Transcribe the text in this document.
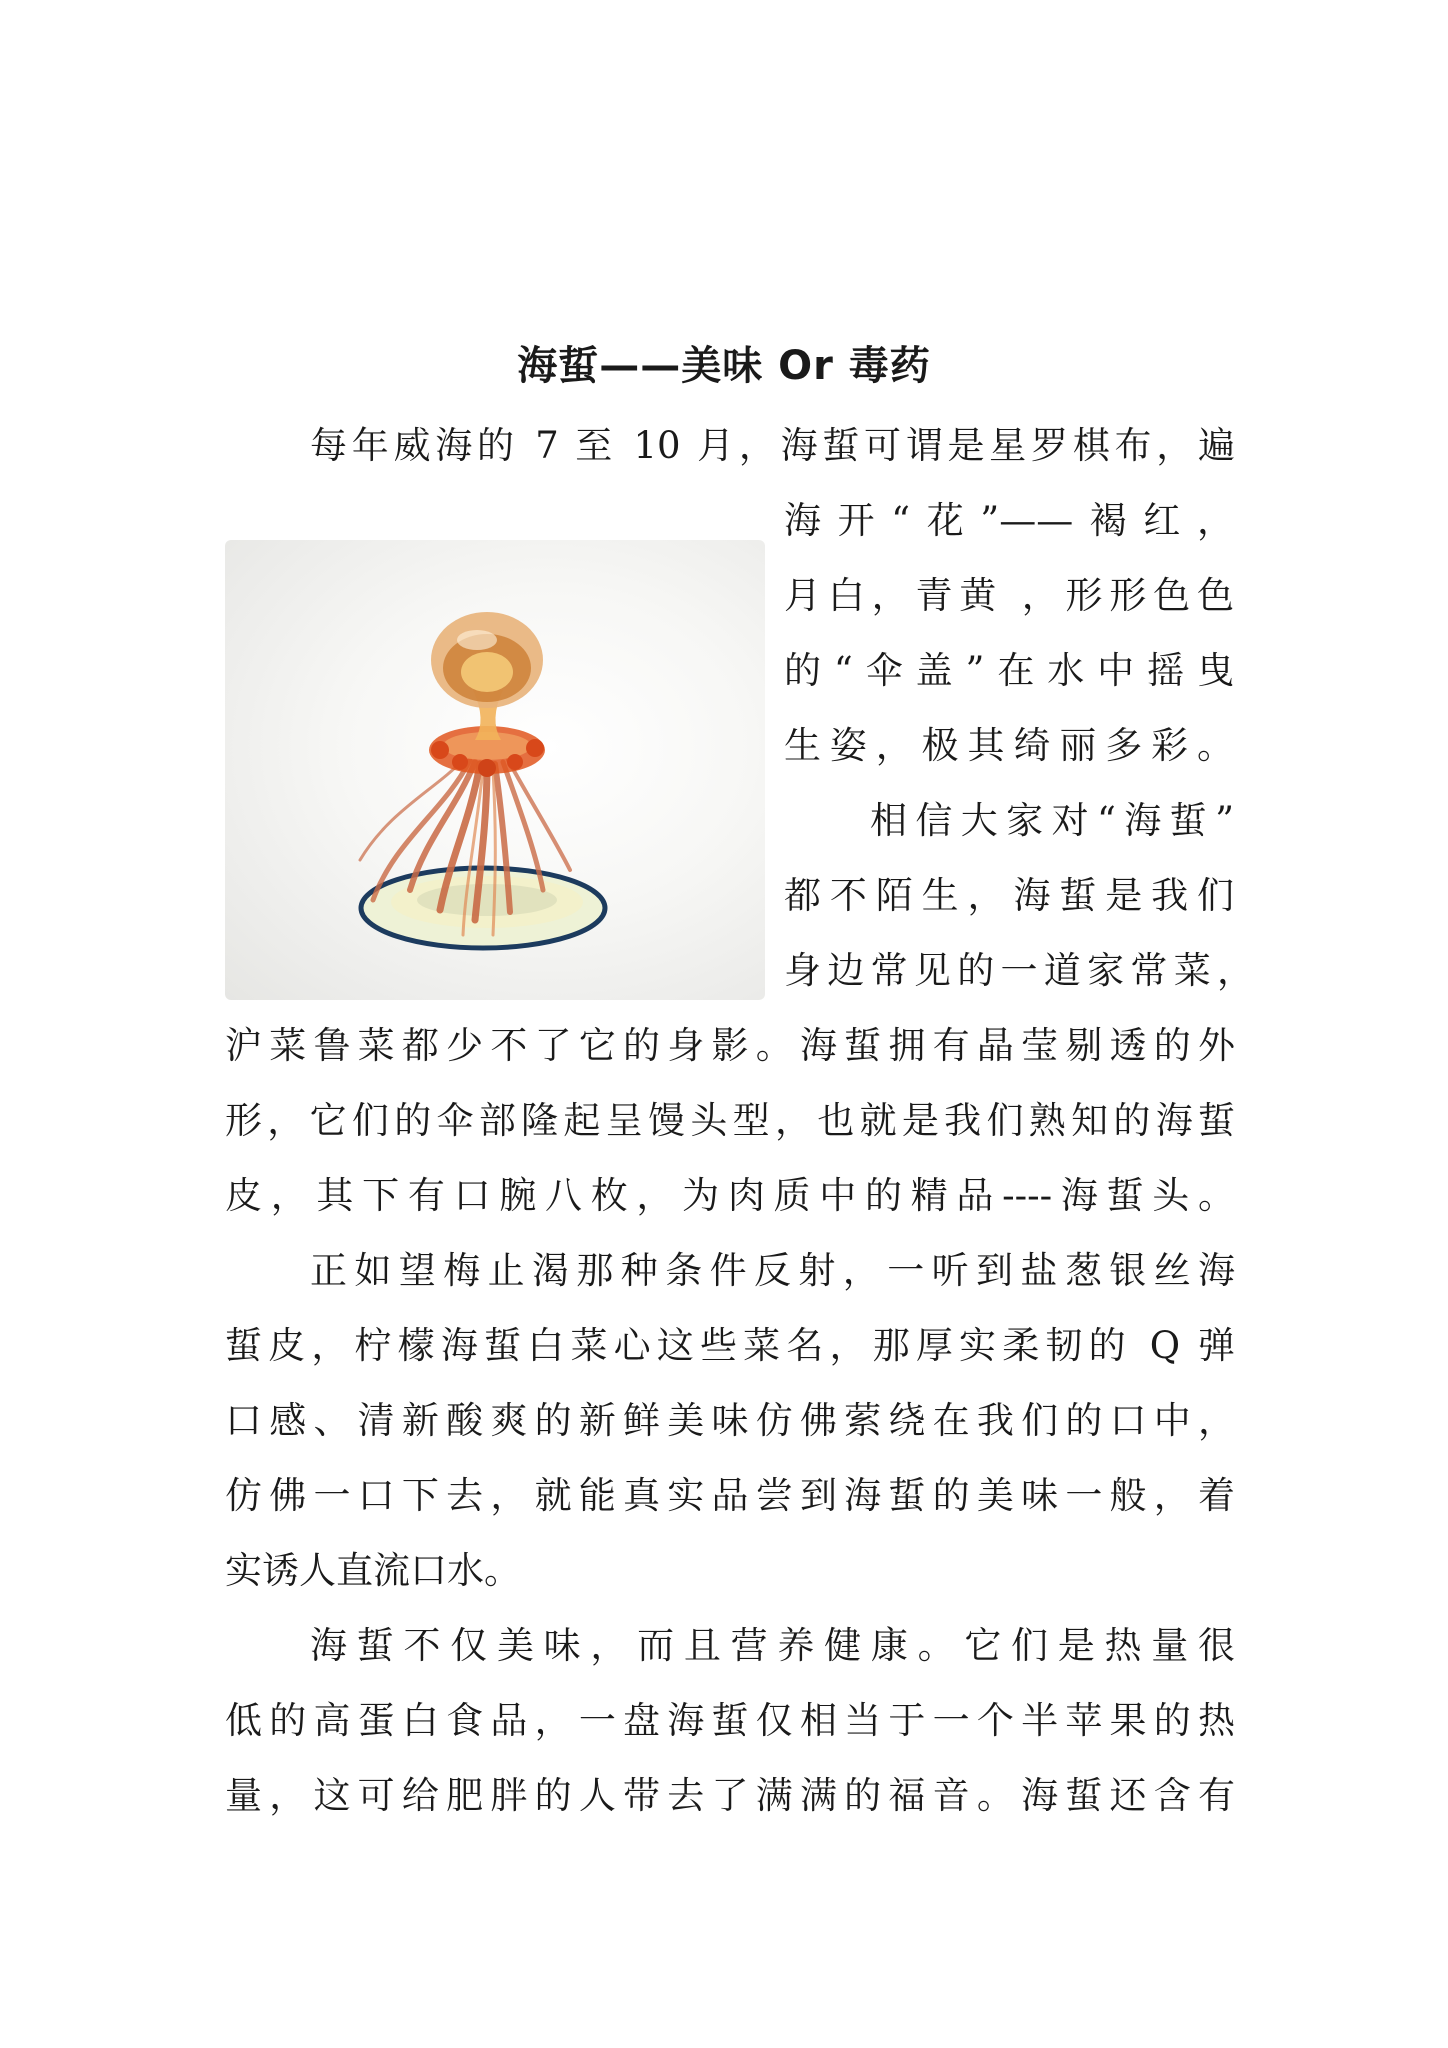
海蜇——美味 Or 毒药
每年威海的 7 至 10 月，海蜇可谓是星罗棋布，遍
海开“花”——褐红，
月白，青黄 ，形形色色
的“伞盖”在水中摇曳
生姿，极其绮丽多彩。
相信大家对“海蜇”
都不陌生，海蜇是我们
身边常见的一道家常菜，
沪菜鲁菜都少不了它的身影。海蜇拥有晶莹剔透的外
形，它们的伞部隆起呈馒头型，也就是我们熟知的海蜇
皮，其下有口腕八枚，为肉质中的精品----海蜇头。
正如望梅止渴那种条件反射，一听到盐葱银丝海
蜇皮，柠檬海蜇白菜心这些菜名，那厚实柔韧的 Q 弹
口感、清新酸爽的新鲜美味仿佛萦绕在我们的口中，
仿佛一口下去，就能真实品尝到海蜇的美味一般，着
实诱人直流口水。
海蜇不仅美味，而且营养健康。它们是热量很
低的高蛋白食品，一盘海蜇仅相当于一个半苹果的热
量，这可给肥胖的人带去了满满的福音。海蜇还含有
